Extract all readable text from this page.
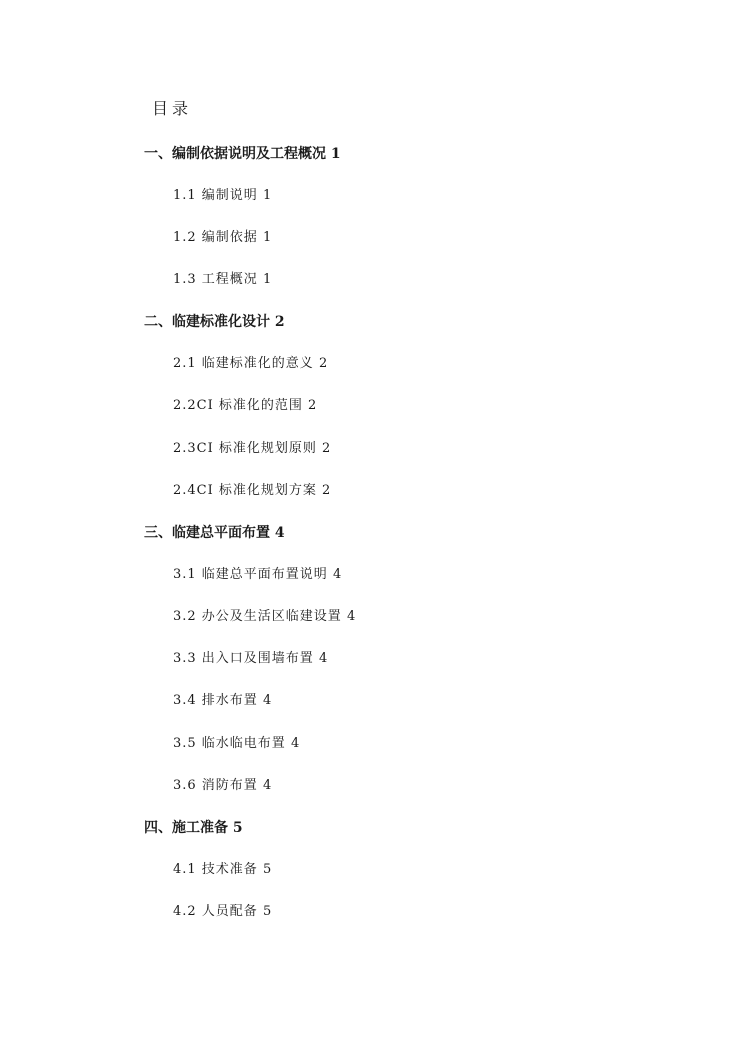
目录
一、编制依据说明及工程概况 1
1.1 编制说明 1
1.2 编制依据 1
1.3 工程概况 1
二、临建标准化设计 2
2.1 临建标准化的意义 2
2.2CI 标准化的范围 2
2.3CI 标准化规划原则 2
2.4CI 标准化规划方案 2
三、临建总平面布置 4
3.1 临建总平面布置说明 4
3.2 办公及生活区临建设置 4
3.3 出入口及围墙布置 4
3.4 排水布置 4
3.5 临水临电布置 4
3.6 消防布置 4
四、施工准备 5
4.1 技术准备 5
4.2 人员配备 5
